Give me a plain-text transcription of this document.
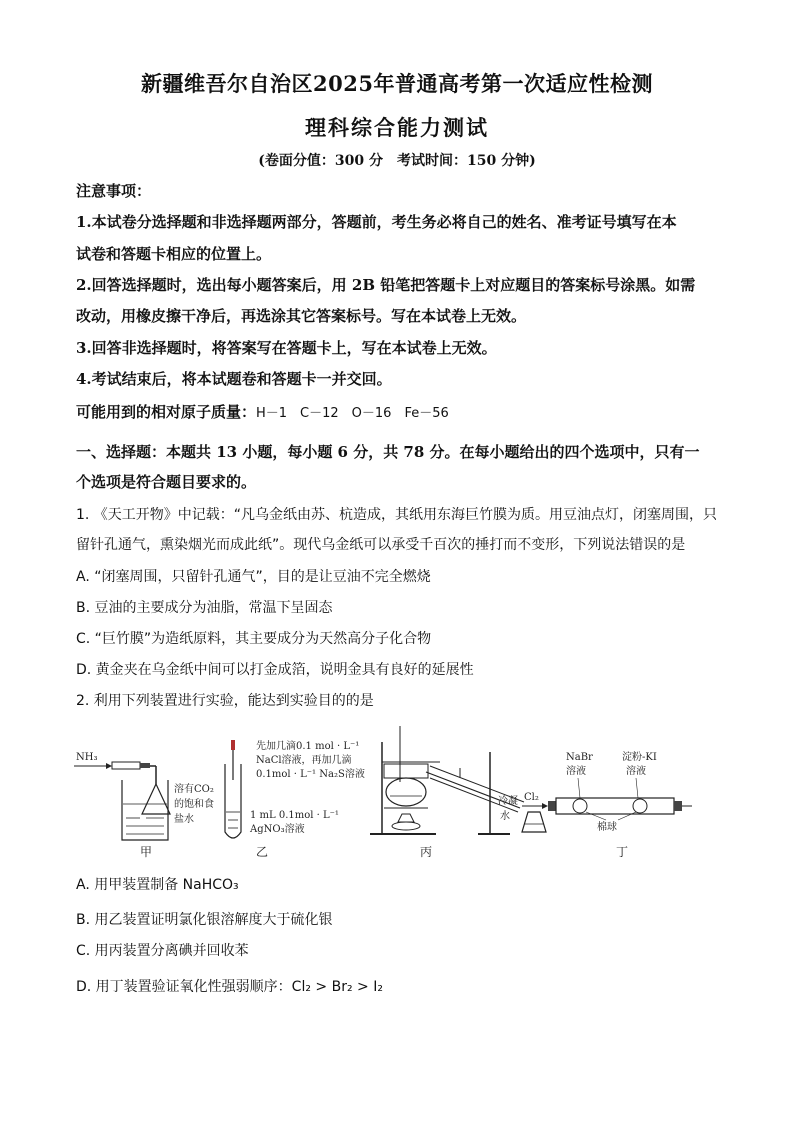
新疆维吾尔自治区2025年普通高考第一次适应性检测
理科综合能力测试
(卷面分值：300 分　考试时间：150 分钟)
注意事项：
1.本试卷分选择题和非选择题两部分，答题前，考生务必将自己的姓名、准考证号填写在本
试卷和答题卡相应的位置上。
2.回答选择题时，选出每小题答案后，用 2B 铅笔把答题卡上对应题目的答案标号涂黑。如需
改动，用橡皮擦干净后，再选涂其它答案标号。写在本试卷上无效。
3.回答非选择题时，将答案写在答题卡上，写在本试卷上无效。
4.考试结束后，将本试题卷和答题卡一并交回。
可能用到的相对原子质量：H－1　C－12　O－16　Fe－56
一、选择题：本题共 13 小题，每小题 6 分，共 78 分。在每小题给出的四个选项中，只有一
个选项是符合题目要求的。
1. 《天工开物》中记载：“凡乌金纸由苏、杭造成，其纸用东海巨竹膜为质。用豆油点灯，闭塞周围，只
留针孔通气，熏染烟光而成此纸”。现代乌金纸可以承受千百次的捶打而不变形，下列说法错误的是
A. “闭塞周围，只留针孔通气”，目的是让豆油不完全燃烧
B. 豆油的主要成分为油脂，常温下呈固态
C. “巨竹膜”为造纸原料，其主要成分为天然高分子化合物
D. 黄金夹在乌金纸中间可以打金成箔，说明金具有良好的延展性
2. 利用下列装置进行实验，能达到实验目的的是
NH₃
溶有CO₂
的饱和食
盐水
甲
先加几滴0.1 mol · L⁻¹
NaCl溶液，再加几滴
0.1mol · L⁻¹ Na₂S溶液
1 mL 0.1mol · L⁻¹
AgNO₃溶液
乙
冷凝
水
丙
Cl₂
NaBr
溶液
淀粉-KI
溶液
棉球
丁
A. 用甲装置制备 NaHCO₃
B. 用乙装置证明氯化银溶解度大于硫化银
C. 用丙装置分离碘并回收苯
D. 用丁装置验证氧化性强弱顺序：Cl₂ > Br₂ > I₂
